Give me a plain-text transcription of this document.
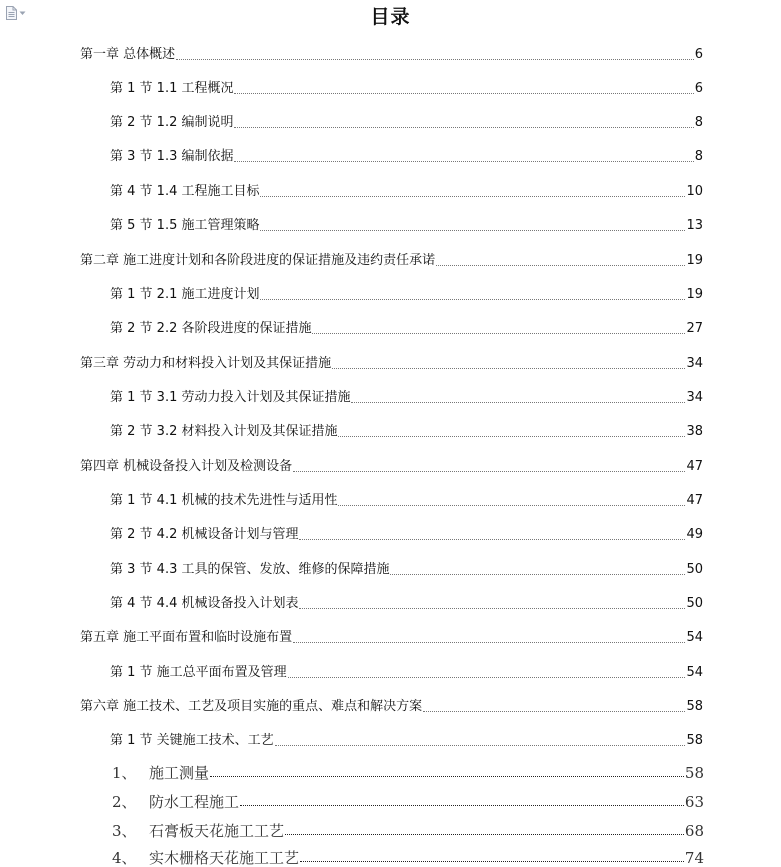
目录
第一章 总体概述	6
第 1 节 1.1 工程概况	6
第 2 节 1.2 编制说明	8
第 3 节 1.3 编制依据	8
第 4 节 1.4 工程施工目标	10
第 5 节 1.5 施工管理策略	13
第二章 施工进度计划和各阶段进度的保证措施及违约责任承诺	19
第 1 节 2.1 施工进度计划	19
第 2 节 2.2 各阶段进度的保证措施	27
第三章 劳动力和材料投入计划及其保证措施	34
第 1 节 3.1 劳动力投入计划及其保证措施	34
第 2 节 3.2 材料投入计划及其保证措施	38
第四章 机械设备投入计划及检测设备	47
第 1 节 4.1 机械的技术先进性与适用性	47
第 2 节 4.2 机械设备计划与管理	49
第 3 节 4.3 工具的保管、发放、维修的保障措施	50
第 4 节 4.4 机械设备投入计划表	50
第五章 施工平面布置和临时设施布置	54
第 1 节 施工总平面布置及管理	54
第六章 施工技术、工艺及项目实施的重点、难点和解决方案	58
第 1 节 关键施工技术、工艺	58
1、 施工测量	58
2、 防水工程施工	63
3、 石膏板天花施工工艺	68
4、 实木栅格天花施工工艺	74
